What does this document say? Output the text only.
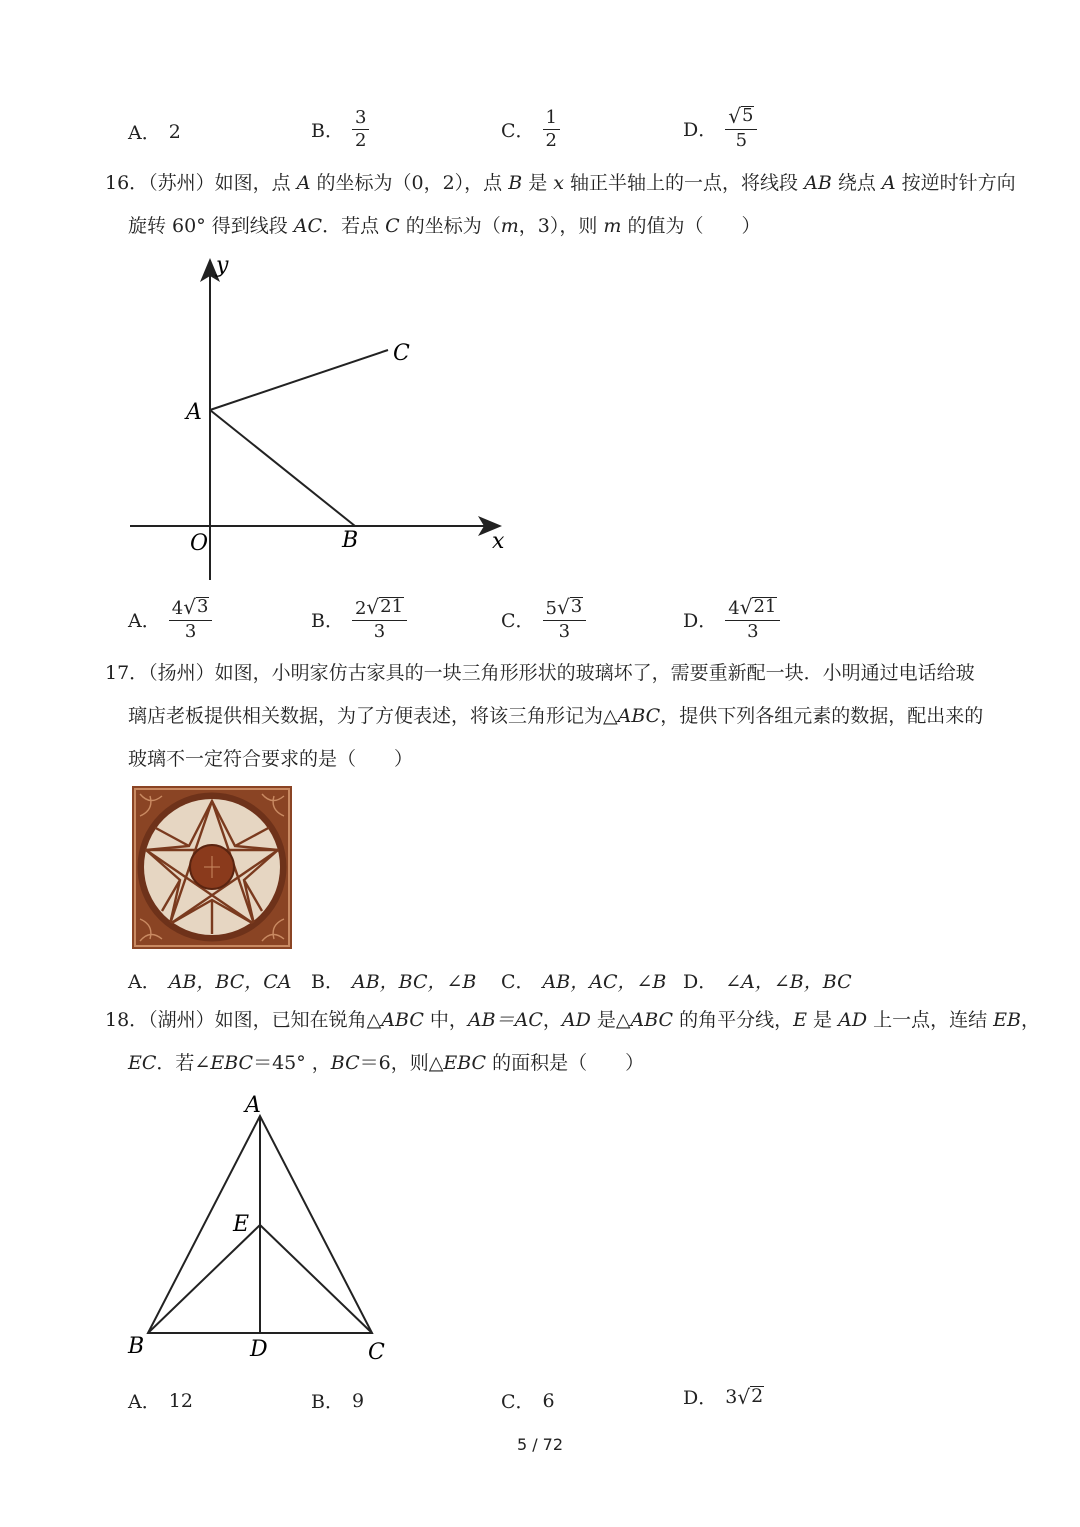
A． 2	B． $\frac{3}{2}$	C． $\frac{1}{2}$	D． $\frac{√ 5}{5}$
16．（苏州）如图，点 A 的坐标为（0，2），点 B 是 x 轴正半轴上的一点，将线段 AB 绕点 A 按逆时针方向
旋转 60° 得到线段 AC．若点 C 的坐标为（m，3），则 m 的值为（　　）
y
x
O
A
B
C
A． $\frac{4 √ 3}{3}$	B． $\frac{2 √ 21}{3}$	C． $\frac{5 √ 3}{3}$	D． $\frac{4 √ 21}{3}$
17．（扬州）如图，小明家仿古家具的一块三角形形状的玻璃坏了，需要重新配一块．小明通过电话给玻
璃店老板提供相关数据，为了方便表述，将该三角形记为△ABC，提供下列各组元素的数据，配出来的
玻璃不一定符合要求的是（　　）
A． AB，BC，CA B． AB，BC，∠B C． AB，AC，∠B D． ∠A，∠B，BC
18．（湖州）如图，已知在锐角△ABC 中，AB＝AC，AD 是△ABC 的角平分线，E 是 AD 上一点，连结 EB，
EC．若∠EBC＝45° ，BC＝6，则△EBC 的面积是（　　）
A
E
B	D	C
A． 12	B． 9	C． 6	D． 3 √ 2
5 / 72
